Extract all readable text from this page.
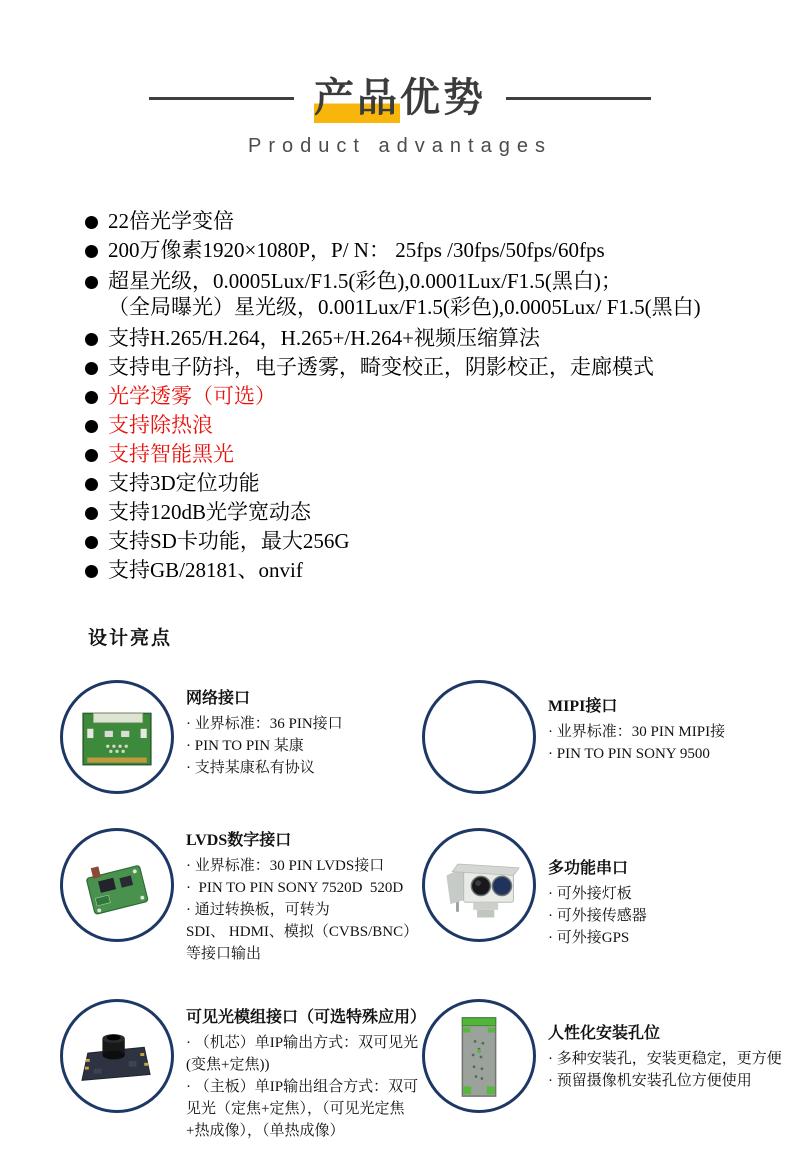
产品优势
Product advantages
22倍光学变倍
200万像素1920×1080P，P/ N： 25fps /30fps/50fps/60fps
超星光级，0.0005Lux/F1.5(彩色),0.0001Lux/F1.5(黑白)；
（全局曝光）星光级，0.001Lux/F1.5(彩色),0.0005Lux/ F1.5(黑白)
支持H.265/H.264，H.265+/H.264+视频压缩算法
支持电子防抖，电子透雾，畸变校正，阴影校正，走廊模式
光学透雾（可选）
支持除热浪
支持智能黑光
支持3D定位功能
支持120dB光学宽动态
支持SD卡功能，最大256G
支持GB/28181、onvif
设计亮点
网络接口
· 业界标准：36 PIN接口
· PIN TO PIN 某康
· 支持某康私有协议
MIPI接口
· 业界标准：30 PIN MIPI接
· PIN TO PIN SONY 9500
LVDS数字接口
· 业界标准：30 PIN LVDS接口
·  PIN TO PIN SONY 7520D  520D
· 通过转换板，可转为
SDI、 HDMI、模拟（CVBS/BNC）
等接口输出
多功能串口
· 可外接灯板
· 可外接传感器
· 可外接GPS
可见光模组接口（可选特殊应用）
· （机芯）单IP输出方式：双可见光
(变焦+定焦))
· （主板）单IP输出组合方式：双可
见光（定焦+定焦），（可见光定焦
+热成像），（单热成像）
人性化安装孔位
· 多种安装孔，安装更稳定，更方便
· 预留摄像机安装孔位方便使用
